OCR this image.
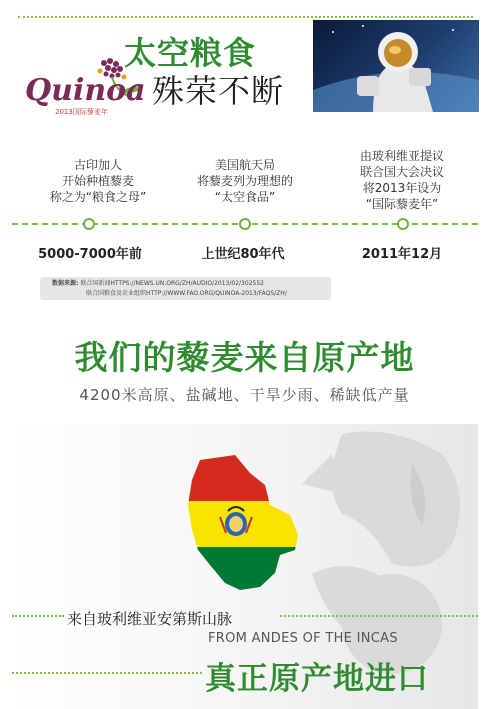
Quinoa
2013国际藜麦年
太空粮食
殊荣不断
古印加人
开始种植藜麦
称之为“粮食之母”
美国航天局
将藜麦列为理想的
“太空食品”
由玻利维亚提议
联合国大会决议
将2013年设为
“国际藜麦年”
5000-7000年前	上世纪80年代	2011年12月
数据来源: 联合国新闻HTTPS://NEWS.UN.ORG/ZH/AUDIO/2013/02/302552
联合国粮食及农业组织HTTP://WWW.FAO.ORG/QUINOA-2013/FAQS/ZH/
我们的藜麦来自原产地
4200米高原、盐碱地、干旱少雨、稀缺低产量
来自玻利维亚安第斯山脉
FROM ANDES OF THE INCAS
真正原产地进口
